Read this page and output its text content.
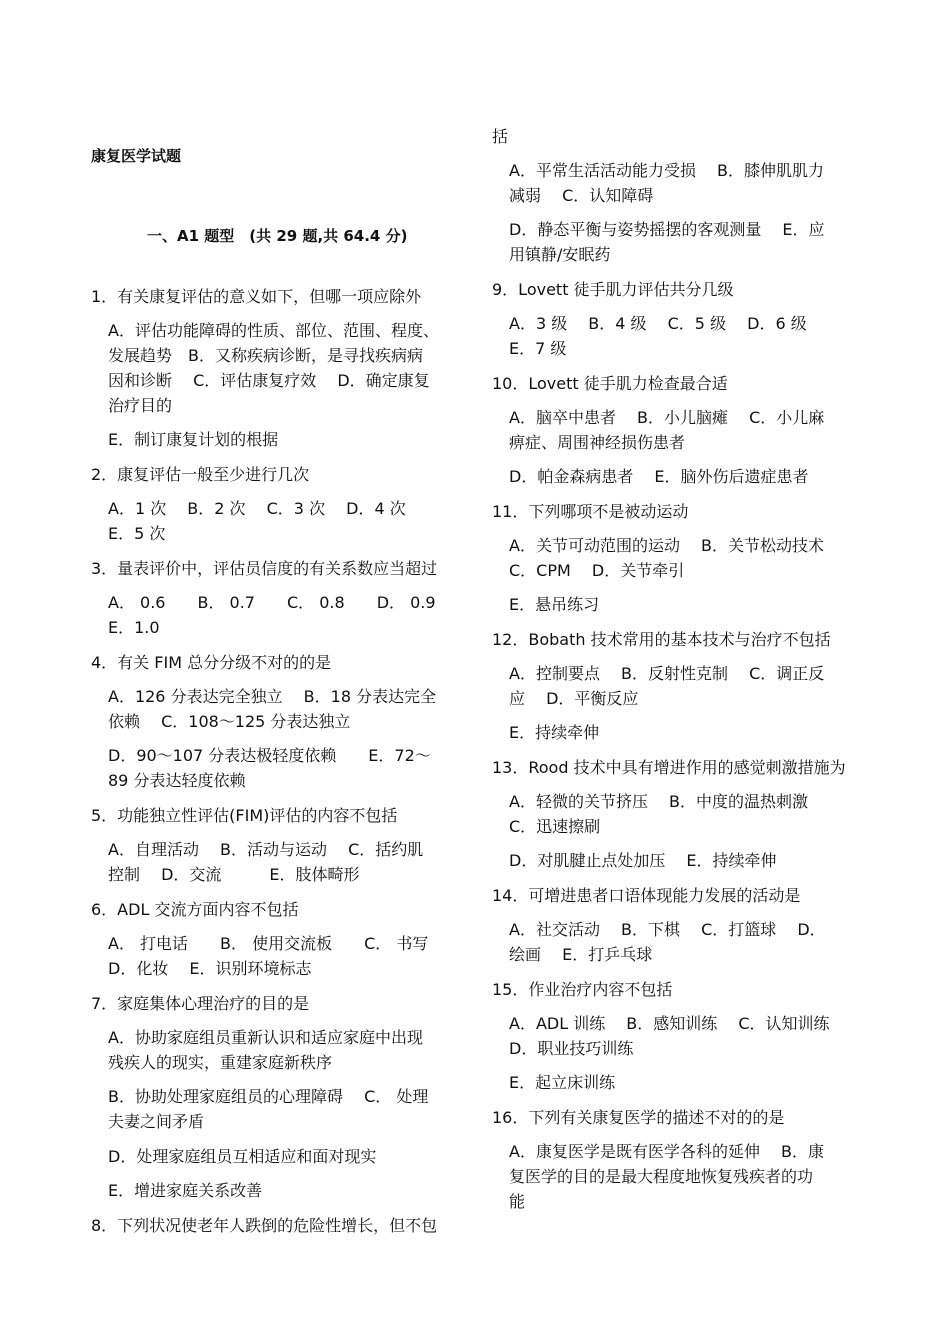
康复医学试题
一、A1 题型　(共 29 题,共 64.4 分)
1．有关康复评估的意义如下，但哪一项应除外
A．评估功能障碍的性质、部位、范围、程度、
发展趋势　B．又称疾病诊断，是寻找疾病病
因和诊断　 C．评估康复疗效　 D．确定康复
治疗目的
E．制订康复计划的根据
2．康复评估一般至少进行几次
A．1 次　 B．2 次　 C．3 次　 D．4 次
E．5 次
3．量表评价中，评估员信度的有关系数应当超过
A． 0.6　　B． 0.7　　C． 0.8　　D． 0.9
E．1.0
4．有关 FIM 总分分级不对的的是
A．126 分表达完全独立　 B．18 分表达完全
依赖　 C．108～125 分表达独立
D．90～107 分表达极轻度依赖　　E．72～
89 分表达轻度依赖
5．功能独立性评估(FIM)评估的内容不包括
A．自理活动　 B．活动与运动　 C．括约肌
控制　 D．交流　　　E．肢体畸形
6．ADL 交流方面内容不包括
A． 打电话　　B． 使用交流板　　C． 书写
D．化妆　 E．识别环境标志
7．家庭集体心理治疗的目的是
A．协助家庭组员重新认识和适应家庭中出现
残疾人的现实，重建家庭新秩序
B．协助处理家庭组员的心理障碍　 C． 处理
夫妻之间矛盾
D．处理家庭组员互相适应和面对现实
E．增进家庭关系改善
8．下列状况使老年人跌倒的危险性增长，但不包
括
A．平常生活活动能力受损　 B．膝伸肌肌力
减弱　 C．认知障碍
D．静态平衡与姿势摇摆的客观测量　 E．应
用镇静/安眠药
9．Lovett 徒手肌力评估共分几级
A．3 级　 B．4 级　 C．5 级　 D．6 级
E．7 级
10．Lovett 徒手肌力检查最合适
A．脑卒中患者　 B．小儿脑瘫　 C．小儿麻
痹症、周围神经损伤患者
D．帕金森病患者　 E．脑外伤后遗症患者
11．下列哪项不是被动运动
A．关节可动范围的运动　 B．关节松动技术
C．CPM　 D．关节牵引
E．悬吊练习
12．Bobath 技术常用的基本技术与治疗不包括
A．控制要点　 B．反射性克制　 C．调正反
应　 D．平衡反应
E．持续牵伸
13．Rood 技术中具有增进作用的感觉刺激措施为
A．轻微的关节挤压　 B．中度的温热刺激
C．迅速擦刷
D．对肌腱止点处加压　 E．持续牵伸
14．可增进患者口语体现能力发展的活动是
A．社交活动　 B．下棋　 C．打篮球　 D．
绘画　 E．打乒乓球
15．作业治疗内容不包括
A．ADL 训练　 B．感知训练　 C．认知训练
D．职业技巧训练
E．起立床训练
16．下列有关康复医学的描述不对的的是
A．康复医学是既有医学各科的延伸　 B．康
复医学的目的是最大程度地恢复残疾者的功
能
